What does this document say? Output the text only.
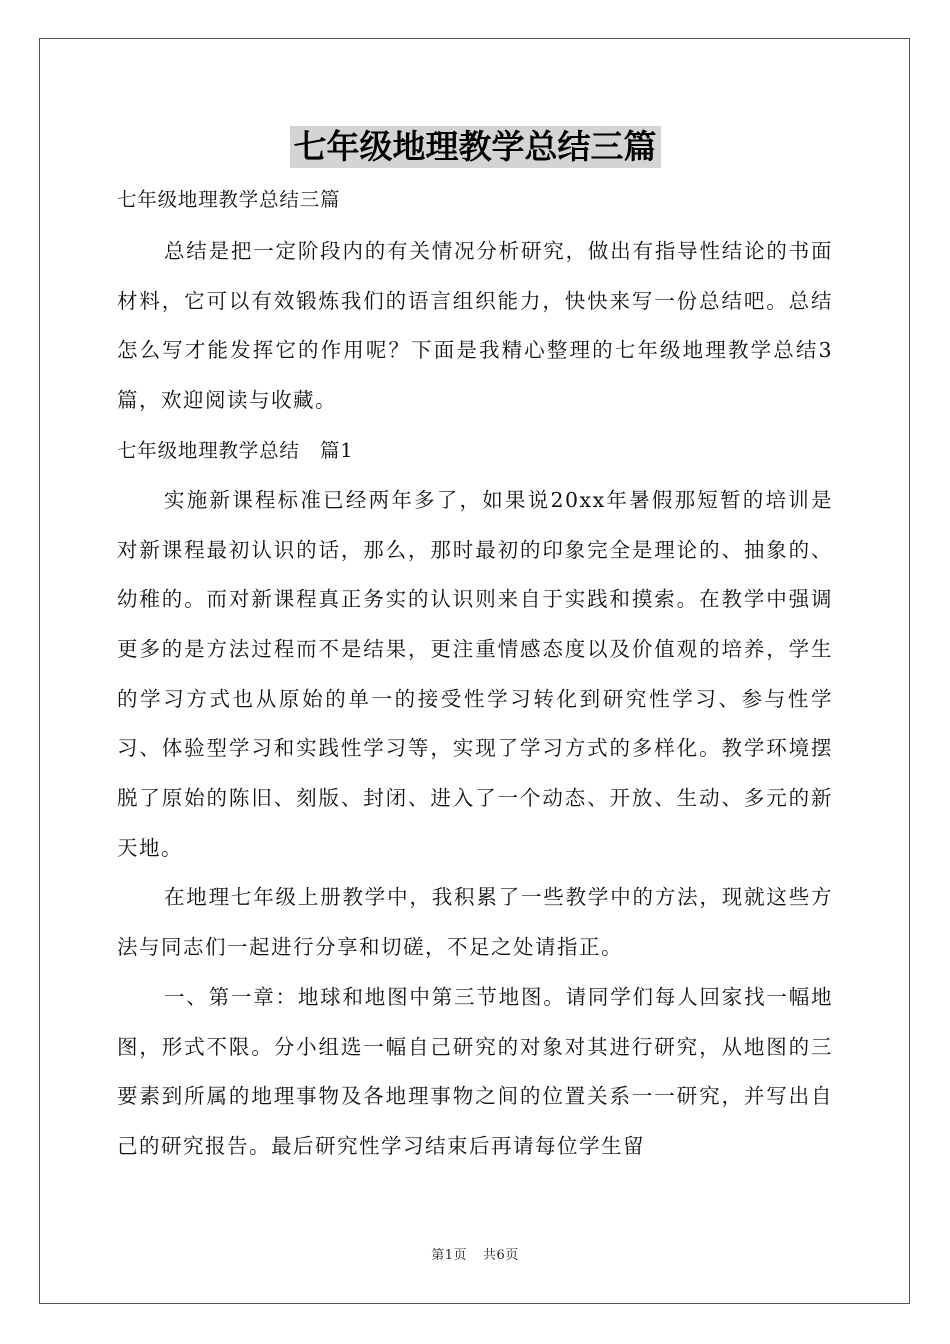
七年级地理教学总结三篇

七年级地理教学总结三篇

总结是把一定阶段内的有关情况分析研究，做出有指导性结论的书面材料，它可以有效锻炼我们的语言组织能力，快快来写一份总结吧。总结怎么写才能发挥它的作用呢？下面是我精心整理的七年级地理教学总结3篇，欢迎阅读与收藏。

七年级地理教学总结　篇1

实施新课程标准已经两年多了，如果说20xx年暑假那短暂的培训是对新课程最初认识的话，那么，那时最初的印象完全是理论的、抽象的、幼稚的。而对新课程真正务实的认识则来自于实践和摸索。在教学中强调更多的是方法过程而不是结果，更注重情感态度以及价值观的培养，学生的学习方式也从原始的单一的接受性学习转化到研究性学习、参与性学习、体验型学习和实践性学习等，实现了学习方式的多样化。教学环境摆脱了原始的陈旧、刻版、封闭、进入了一个动态、开放、生动、多元的新天地。

在地理七年级上册教学中，我积累了一些教学中的方法，现就这些方法与同志们一起进行分享和切磋，不足之处请指正。

一、第一章：地球和地图中第三节地图。请同学们每人回家找一幅地图，形式不限。分小组选一幅自己研究的对象对其进行研究，从地图的三要素到所属的地理事物及各地理事物之间的位置关系一一研究，并写出自己的研究报告。最后研究性学习结束后再请每位学生留

第1页 共6页
